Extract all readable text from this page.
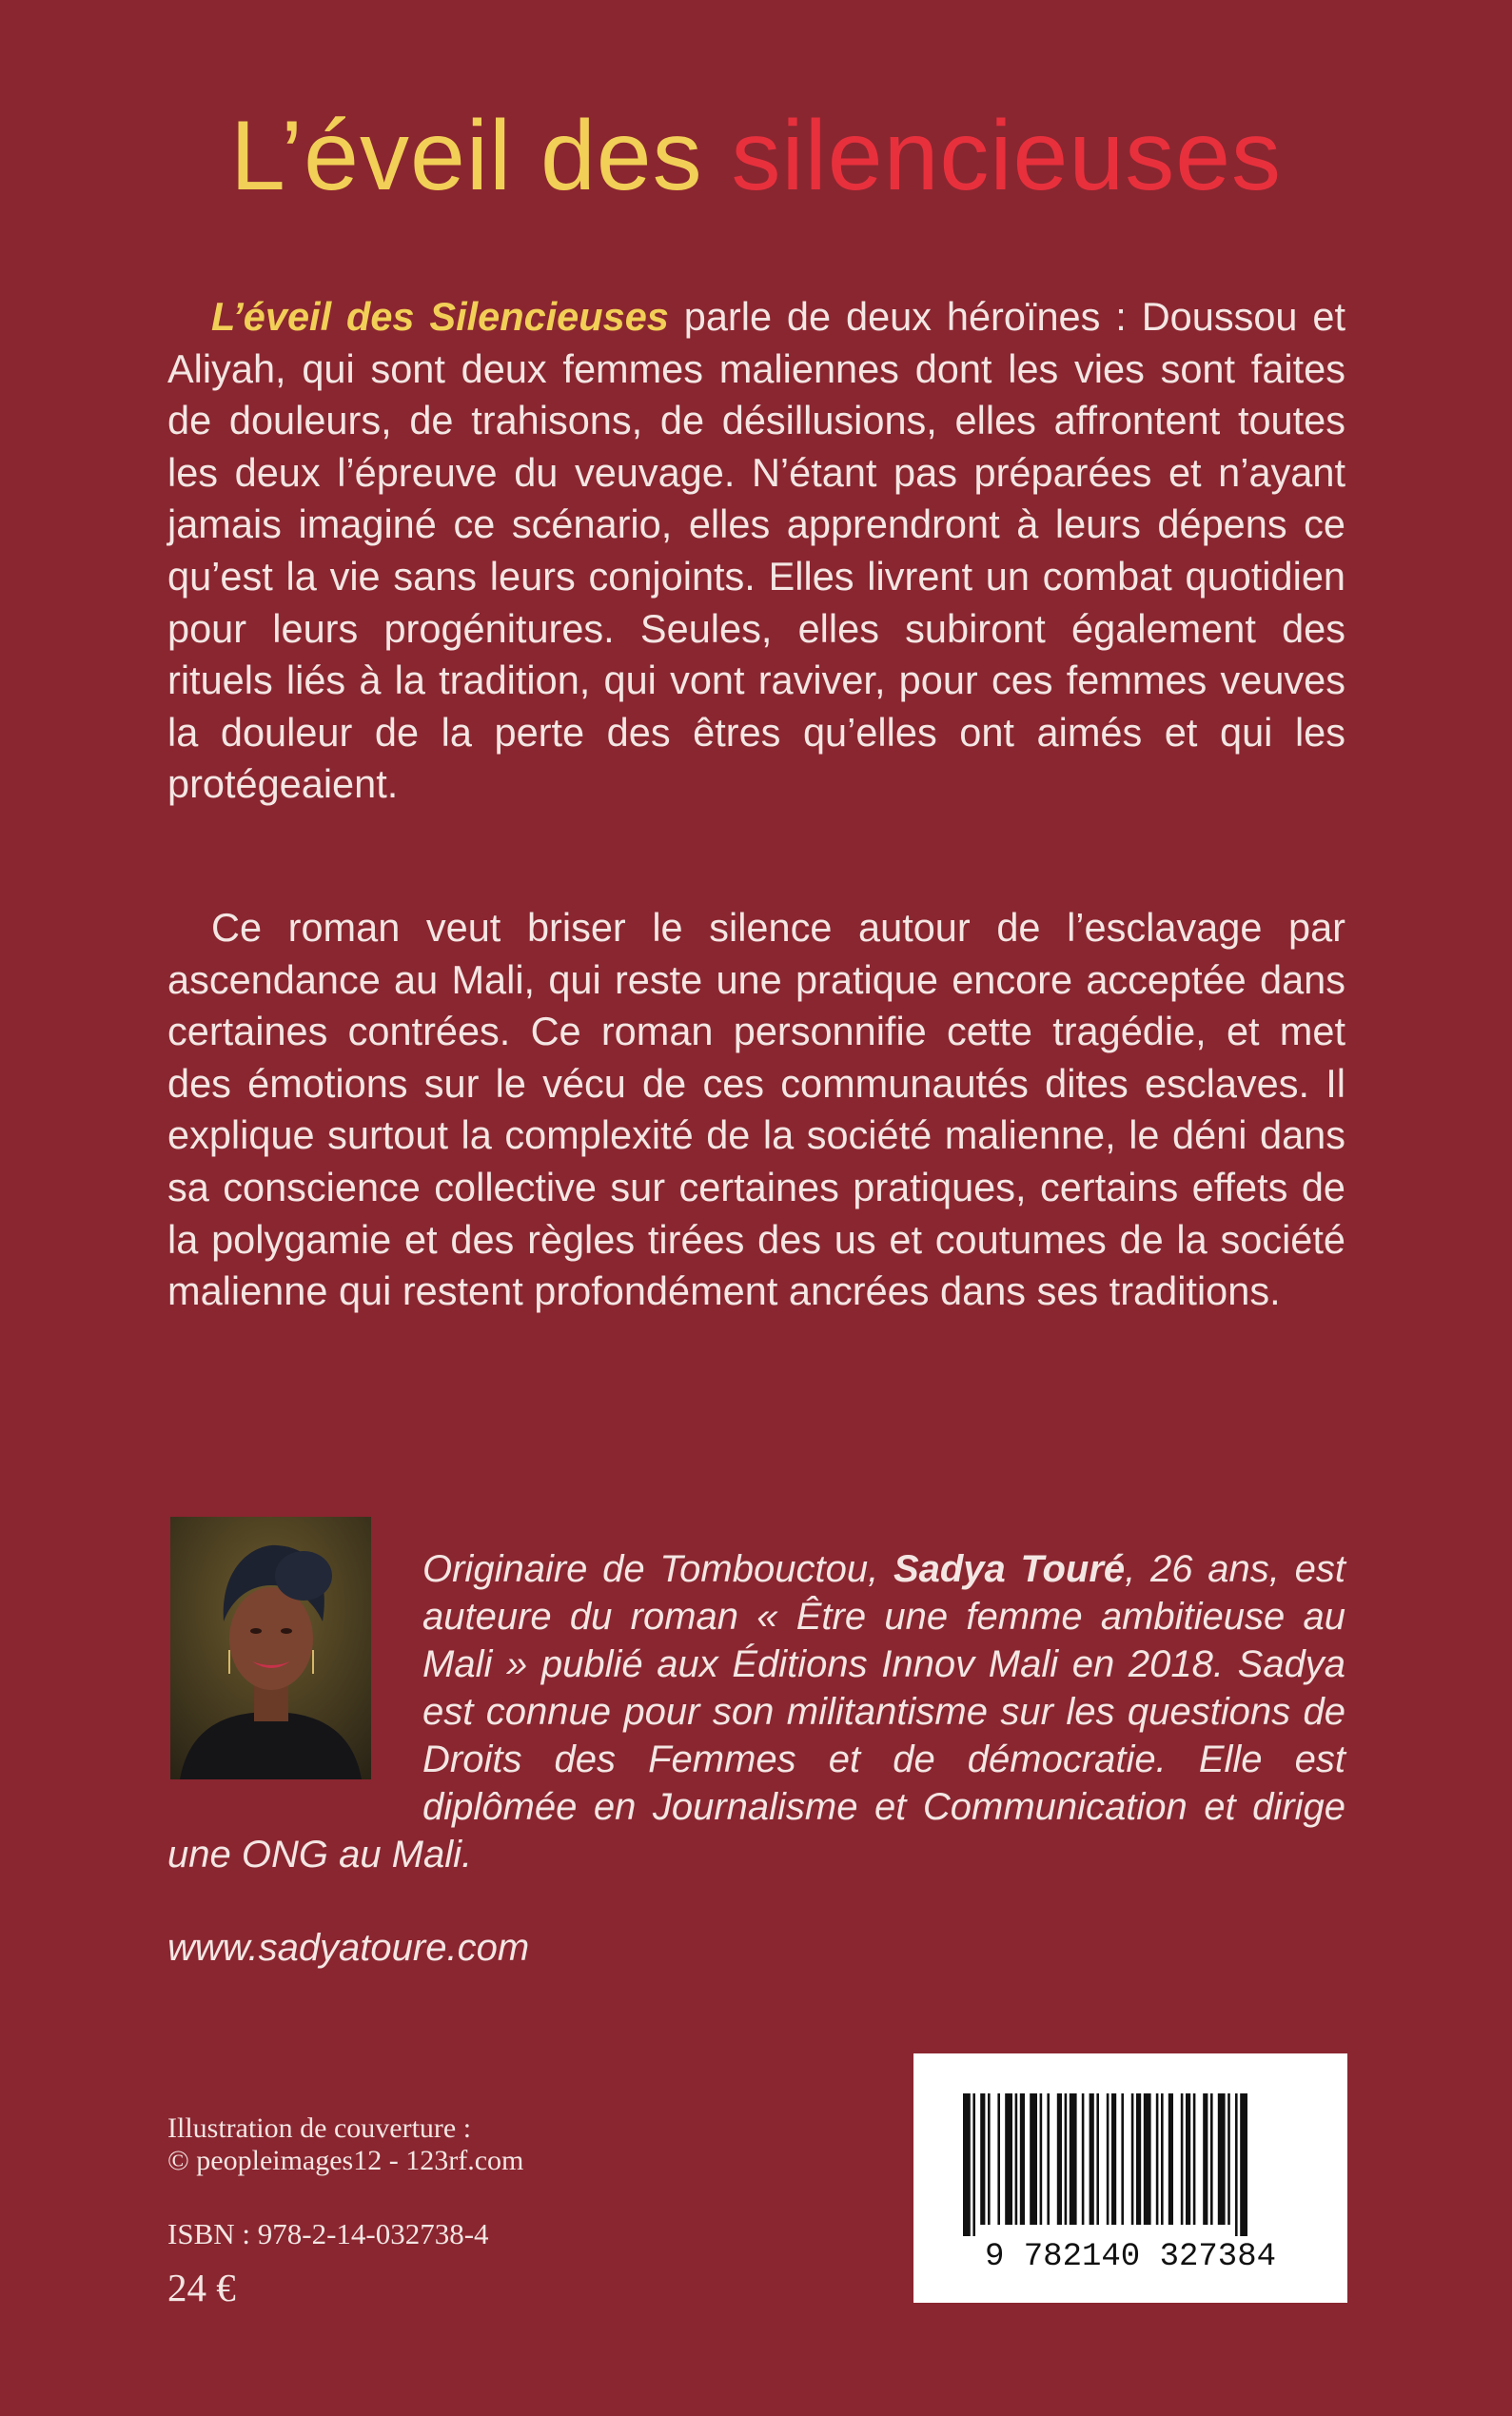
L’éveil des silencieuses

L’éveil des Silencieuses parle de deux héroïnes : Doussou et Aliyah, qui sont deux femmes maliennes dont les vies sont faites de douleurs, de trahisons, de désillusions, elles affrontent toutes les deux l’épreuve du veuvage. N’étant pas préparées et n’ayant jamais imaginé ce scénario, elles apprendront à leurs dépens ce qu’est la vie sans leurs conjoints. Elles livrent un combat quotidien pour leurs progénitures. Seules, elles subiront également des rituels liés à la tradition, qui vont raviver, pour ces femmes veuves la douleur de la perte des êtres qu’elles ont aimés et qui les protégeaient.

Ce roman veut briser le silence autour de l’esclavage par ascendance au Mali, qui reste une pratique encore acceptée dans certaines contrées. Ce roman personnifie cette tragédie, et met des émotions sur le vécu de ces communautés dites esclaves. Il explique surtout la complexité de la société malienne, le déni dans sa conscience collective sur certaines pratiques, certains effets de la polygamie et des règles tirées des us et coutumes de la société malienne qui restent profondément ancrées dans ses traditions.

Originaire de Tombouctou, Sadya Touré, 26 ans, est auteure du roman « Être une femme ambitieuse au Mali » publié aux Éditions Innov Mali en 2018. Sadya est connue pour son militantisme sur les questions de Droits des Femmes et de démocratie. Elle est diplômée en Journalisme et Communication et dirige une ONG au Mali.

www.sadyatoure.com

Illustration de couverture :
© peopleimages12 - 123rf.com

ISBN : 978-2-14-032738-4

24 €

9 782140 327384
